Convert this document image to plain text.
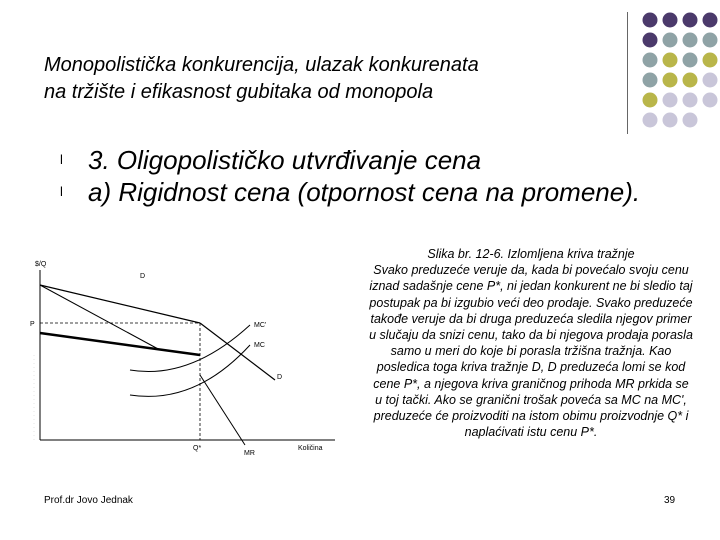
Monopolistička konkurencija, ulazak konkurenata
na tržište i efikasnost gubitaka od monopola
l 3. Oligopolističko utvrđivanje cena
l a) Rigidnost cena (otpornost cena na promene).
$/Q
Količina
P
Q*
D
D
MR
MC'
MC
Slika br. 12-6. Izlomljena kriva tražnje
Svako preduzeće veruje da, kada bi povećalo svoju cenu iznad sadašnje cene P*, ni jedan konkurent ne bi sledio taj postupak pa bi izgubio veći deo prodaje. Svako preduzeće takođe veruje da bi druga preduzeća sledila njegov primer u slučaju da snizi cenu, tako da bi njegova prodaja porasla samo u meri do koje bi porasla tržišna tražnja. Kao posledica toga kriva tražnje D, D preduzeća lomi se kod cene P*, a njegova kriva graničnog prihoda MR prkida se
u toj tački. Ako se granični trošak poveća sa MC na MC', preduzeće će proizvoditi na istom obimu proizvodnje Q* i naplaćivati istu cenu P*.
Prof.dr Jovo Jednak	39
